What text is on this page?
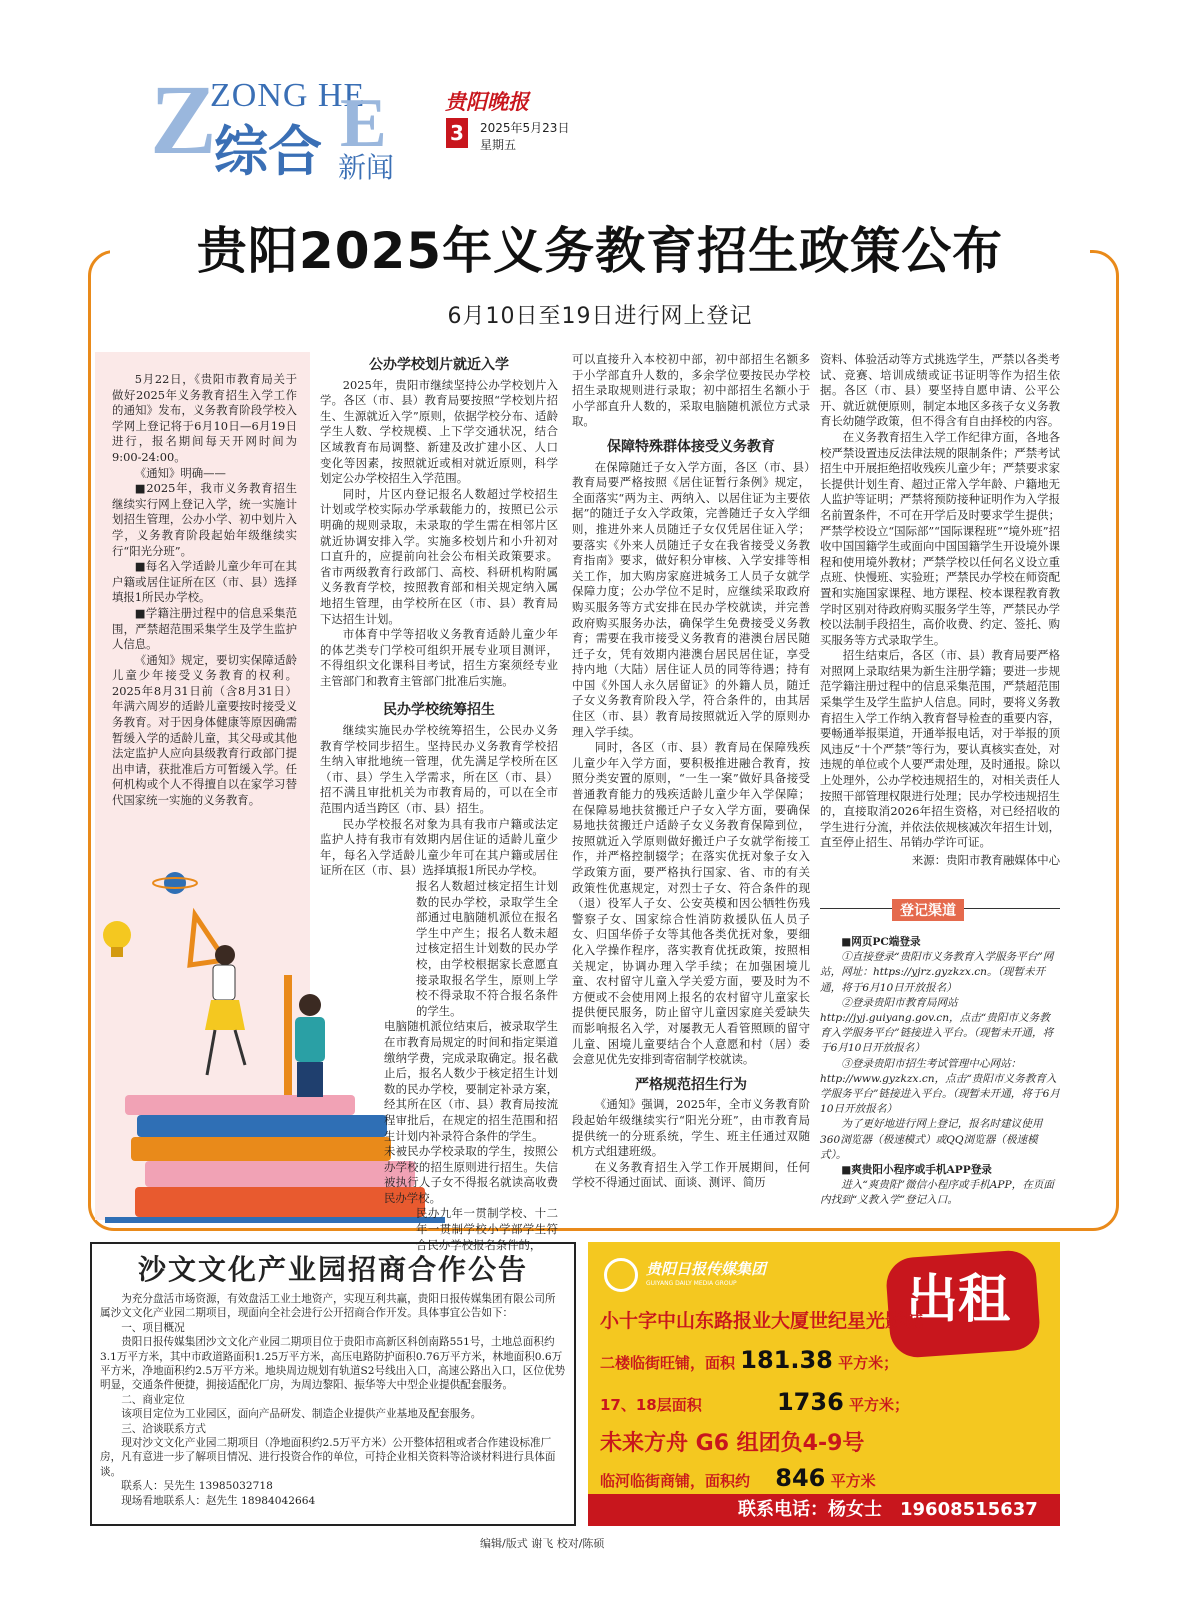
Z
ZONG HE
E
综合 新闻
贵阳晚报
3	2025年5月23日
星期五
贵阳2025年义务教育招生政策公布
6月10日至19日进行网上登记

5月22日，《贵阳市教育局关于做好2025年义务教育招生入学工作的通知》发布，义务教育阶段学校入学网上登记将于6月10日—6月19日进行，报名期间每天开网时间为9:00-24:00。

《通知》明确——

■2025年，我市义务教育招生继续实行网上登记入学，统一实施计划招生管理，公办小学、初中划片入学，义务教育阶段起始年级继续实行“阳光分班”。

■每名入学适龄儿童少年可在其户籍或居住证所在区（市、县）选择填报1所民办学校。

■学籍注册过程中的信息采集范围，严禁超范围采集学生及学生监护人信息。

《通知》规定，要切实保障适龄儿童少年接受义务教育的权利。2025年8月31日前（含8月31日）年满六周岁的适龄儿童要按时接受义务教育。对于因身体健康等原因确需暂缓入学的适龄儿童，其父母或其他法定监护人应向县级教育行政部门提出申请，获批准后方可暂缓入学。任何机构或个人不得擅自以在家学习替代国家统一实施的义务教育。

公办学校划片就近入学

2025年，贵阳市继续坚持公办学校划片入学。各区（市、县）教育局要按照“学校划片招生、生源就近入学”原则，依据学校分布、适龄学生人数、学校规模、上下学交通状况，结合区域教育布局调整、新建及改扩建小区、人口变化等因素，按照就近或相对就近原则，科学划定公办学校招生入学范围。

同时，片区内登记报名人数超过学校招生计划或学校实际办学承载能力的，按照已公示明确的规则录取，未录取的学生需在相邻片区就近协调安排入学。实施多校划片和小升初对口直升的，应提前向社会公布相关政策要求。省市两级教育行政部门、高校、科研机构附属义务教育学校，按照教育部和相关规定纳入属地招生管理，由学校所在区（市、县）教育局下达招生计划。

市体育中学等招收义务教育适龄儿童少年的体艺类专门学校可组织开展专业项目测评，不得组织文化课科目考试，招生方案须经专业主管部门和教育主管部门批准后实施。

民办学校统筹招生

继续实施民办学校统筹招生，公民办义务教育学校同步招生。坚持民办义务教育学校招生纳入审批地统一管理，优先满足学校所在区（市、县）学生入学需求，所在区（市、县）招不满且审批机关为市教育局的，可以在全市范围内适当跨区（市、县）招生。

民办学校报名对象为具有我市户籍或法定监护人持有我市有效期内居住证的适龄儿童少年，每名入学适龄儿童少年可在其户籍或居住证所在区（市、县）选择填报1所民办学校。

报名人数超过核定招生计划数的民办学校，录取学生全部通过电脑随机派位在报名学生中产生；报名人数未超过核定招生计划数的民办学校，由学校根据家长意愿直接录取报名学生，原则上学校不得录取不符合报名条件的学生。

电脑随机派位结束后，被录取学生在市教育局规定的时间和指定渠道缴纳学费，完成录取确定。报名截止后，报名人数少于核定招生计划数的民办学校，要制定补录方案，经其所在区（市、县）教育局按流程审批后，在规定的招生范围和招生计划内补录符合条件的学生。

未被民办学校录取的学生，按照公办学校的招生原则进行招生。失信被执行人子女不得报名就读高收费民办学校。

民办九年一贯制学校、十二年一贯制学校小学部学生符合民办学校报名条件的，

可以直接升入本校初中部，初中部招生名额多于小学部直升人数的，多余学位要按民办学校招生录取规则进行录取；初中部招生名额小于小学部直升人数的，采取电脑随机派位方式录取。

保障特殊群体接受义务教育

在保障随迁子女入学方面，各区（市、县）教育局要严格按照《居住证暂行条例》规定，全面落实“两为主、两纳入、以居住证为主要依据”的随迁子女入学政策，完善随迁子女入学细则，推进外来人员随迁子女仅凭居住证入学；要落实《外来人员随迁子女在我省接受义务教育指南》要求，做好积分审核、入学安排等相关工作，加大购房家庭进城务工人员子女就学保障力度；公办学位不足时，应继续采取政府购买服务等方式安排在民办学校就读，并完善政府购买服务办法，确保学生免费接受义务教育；需要在我市接受义务教育的港澳台居民随迁子女，凭有效期内港澳台居民居住证，享受持内地（大陆）居住证人员的同等待遇；持有中国《外国人永久居留证》的外籍人员，随迁子女义务教育阶段入学，符合条件的，由其居住区（市、县）教育局按照就近入学的原则办理入学手续。

同时，各区（市、县）教育局在保障残疾儿童少年入学方面，要积极推进融合教育，按照分类安置的原则，“一生一案”做好具备接受普通教育能力的残疾适龄儿童少年入学保障；在保障易地扶贫搬迁户子女入学方面，要确保易地扶贫搬迁户适龄子女义务教育保障到位，按照就近入学原则做好搬迁户子女就学衔接工作，并严格控制辍学；在落实优抚对象子女入学政策方面，要严格执行国家、省、市的有关政策性优惠规定，对烈士子女、符合条件的现（退）役军人子女、公安英模和因公牺牲伤残警察子女、国家综合性消防救援队伍人员子女、归国华侨子女等其他各类优抚对象，要细化入学操作程序，落实教育优抚政策，按照相关规定，协调办理入学手续；在加强困境儿童、农村留守儿童入学关爱方面，要及时为不方便或不会使用网上报名的农村留守儿童家长提供便民服务，防止留守儿童因家庭关爱缺失而影响报名入学，对屡教无人看管照顾的留守儿童、困境儿童要结合个人意愿和村（居）委会意见优先安排到寄宿制学校就读。

严格规范招生行为

《通知》强调，2025年，全市义务教育阶段起始年级继续实行“阳光分班”，由市教育局提供统一的分班系统，学生、班主任通过双随机方式组建班级。

在义务教育招生入学工作开展期间，任何学校不得通过面试、面谈、测评、简历

资料、体验活动等方式挑选学生，严禁以各类考试、竞赛、培训成绩或证书证明等作为招生依据。各区（市、县）要坚持自愿申请、公平公开、就近就便原则，制定本地区多孩子女义务教育长幼随学政策，但不得含有自由择校的内容。

在义务教育招生入学工作纪律方面，各地各校严禁设置违反法律法规的限制条件；严禁考试招生中开展拒绝招收残疾儿童少年；严禁要求家长提供计划生育、超过正常入学年龄、户籍地无人监护等证明；严禁将预防接种证明作为入学报名前置条件，不可在开学后及时要求学生提供；严禁学校设立“国际部”“国际课程班”“境外班”招收中国国籍学生或面向中国国籍学生开设境外课程和使用境外教材；严禁学校以任何名义设立重点班、快慢班、实验班；严禁民办学校在师资配置和实施国家课程、地方课程、校本课程教育教学时区别对待政府购买服务学生等，严禁民办学校以法制手段招生，高价收费、约定、签托、购买服务等方式录取学生。

招生结束后，各区（市、县）教育局要严格对照网上录取结果为新生注册学籍；要进一步规范学籍注册过程中的信息采集范围，严禁超范围采集学生及学生监护人信息。同时，要将义务教育招生入学工作纳入教育督导检查的重要内容，要畅通举报渠道，开通举报电话，对于举报的顶风违反“十个严禁”等行为，要认真核实查处，对违规的单位或个人要严肃处理，及时通报。除以上处理外，公办学校违规招生的，对相关责任人按照干部管理权限进行处理；民办学校违规招生的，直接取消2026年招生资格，对已经招收的学生进行分流，并依法依规核减次年招生计划，直至停止招生、吊销办学许可证。

来源：贵阳市教育融媒体中心
登记渠道

■网页PC端登录

①直接登录“贵阳市义务教育入学服务平台”网站，网址：https://yjrz.gyzkzx.cn。（现暂未开通，将于6月10日开放报名）

②登录贵阳市教育局网站http://jyj.guiyang.gov.cn，点击“贵阳市义务教育入学服务平台”链接进入平台。（现暂未开通，将于6月10日开放报名）

③登录贵阳市招生考试管理中心网站：http://www.gyzkzx.cn，点击“贵阳市义务教育入学服务平台”链接进入平台。（现暂未开通，将于6月10日开放报名）

为了更好地进行网上登记，报名时建议使用360浏览器（极速模式）或QQ浏览器（极速模式）。

■爽贵阳小程序或手机APP登录

进入“爽贵阳”微信小程序或手机APP，在页面内找到“义教入学”登记入口。

沙文文化产业园招商合作公告

为充分盘活市场资源，有效盘活工业土地资产，实现互利共赢，贵阳日报传媒集团有限公司所属沙文文化产业园二期项目，现面向全社会进行公开招商合作开发。具体事宜公告如下：

一、项目概况

贵阳日报传媒集团沙文文化产业园二期项目位于贵阳市高新区科创南路551号，土地总面积约3.1万平方米，其中市政道路面积1.25万平方米，高压电路防护面积0.76万平方米，林地面积0.6万平方米，净地面积约2.5万平方米。地块周边规划有轨道S2号线出入口，高速公路出入口，区位优势明显，交通条件便捷，拥接适配化厂房，为周边黎阳、振华等大中型企业提供配套服务。

二、商业定位

该项目定位为工业园区，面向产品研发、制造企业提供产业基地及配套服务。

三、洽谈联系方式

现对沙文文化产业园二期项目（净地面积约2.5万平方米）公开整体招租或者合作建设标准厂房，凡有意进一步了解项目情况、进行投资合作的单位，可持企业相关资料等洽谈材料进行具体面谈。

联系人：吴先生 13985032718

现场看地联系人：赵先生 18984042664

贵阳日报传媒集团
GUIYANG DAILY MEDIA GROUP	出租
小十字中山东路报业大厦世纪星光影城
二楼临街旺铺，面积 181.38 平方米；
17、18层面积	1736 平方米；
未来方舟 G6 组团负4-9号
临河临街商铺，面积约 846 平方米
联系电话：杨女士　19608515637
编辑/版式 谢飞 校对/陈硕
